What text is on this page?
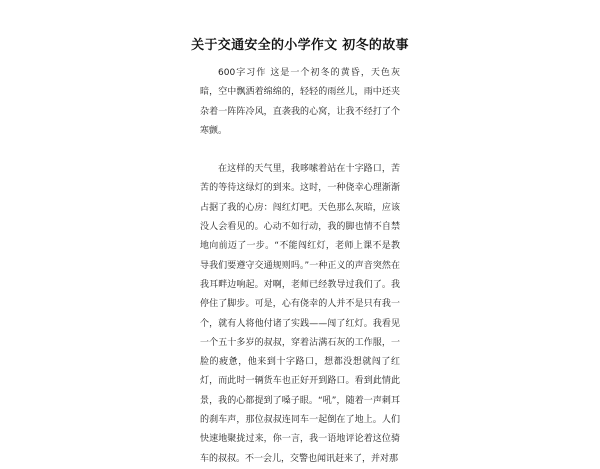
关于交通安全的小学作文 初冬的故事

600字习作 这是一个初冬的黄昏，天色灰暗，空中飘洒着绵绵的，轻轻的雨丝儿，雨中还夹杂着一阵阵冷风，直袭我的心窝，让我不经打了个寒颤。

在这样的天气里，我哆嗦着站在十字路口，苦苦的等待这绿灯的到来。这时，一种侥幸心理渐渐占据了我的心房：闯红灯吧。天色那么灰暗，应该没人会看见的。心动不如行动，我的脚也情不自禁地向前迈了一步。“不能闯红灯，老师上课不是教导我们要遵守交通规则吗。”一种正义的声音突然在我耳畔边响起。对啊，老师已经教导过我们了。我停住了脚步。可是，心有侥幸的人并不是只有我一个，就有人将他付诸了实践——闯了红灯。我看见一个五十多岁的叔叔，穿着沾满石灰的工作服，一脸的疲惫，他来到十字路口，想都没想就闯了红灯，而此时一辆货车也正好开到路口。看到此情此景，我的心都提到了嗓子眼。“吼”，随着一声刺耳的刹车声，那位叔叔连同车一起倒在了地上。人们快速地聚拢过来，你一言，我一语地评论着这位骑车的叔叔。不一会儿，交警也闻讯赶来了，并对那
